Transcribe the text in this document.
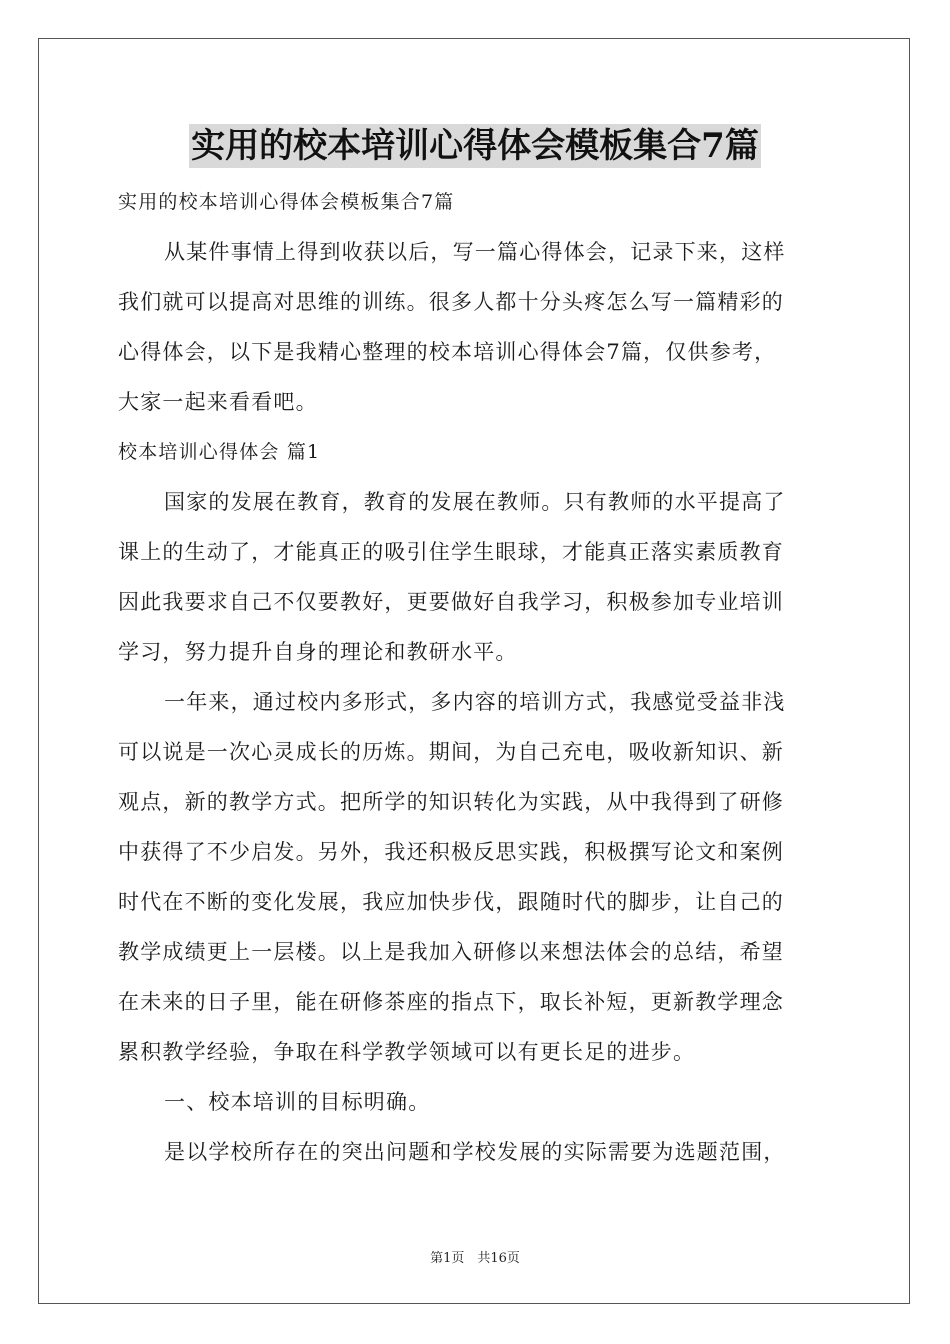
实用的校本培训心得体会模板集合7篇
实用的校本培训心得体会模板集合7篇
从某件事情上得到收获以后，写一篇心得体会，记录下来，这样
我们就可以提高对思维的训练。很多人都十分头疼怎么写一篇精彩的
心得体会，以下是我精心整理的校本培训心得体会7篇，仅供参考，
大家一起来看看吧。
校本培训心得体会 篇1
国家的发展在教育，教育的发展在教师。只有教师的水平提高了
课上的生动了，才能真正的吸引住学生眼球，才能真正落实素质教育
因此我要求自己不仅要教好，更要做好自我学习，积极参加专业培训
学习，努力提升自身的理论和教研水平。
一年来，通过校内多形式，多内容的培训方式，我感觉受益非浅
可以说是一次心灵成长的历炼。期间，为自己充电，吸收新知识、新
观点，新的教学方式。把所学的知识转化为实践，从中我得到了研修
中获得了不少启发。另外，我还积极反思实践，积极撰写论文和案例
时代在不断的变化发展，我应加快步伐，跟随时代的脚步，让自己的
教学成绩更上一层楼。以上是我加入研修以来想法体会的总结，希望
在未来的日子里，能在研修茶座的指点下，取长补短，更新教学理念
累积教学经验，争取在科学教学领域可以有更长足的进步。
一、校本培训的目标明确。
是以学校所存在的突出问题和学校发展的实际需要为选题范围，
第1页　共16页
